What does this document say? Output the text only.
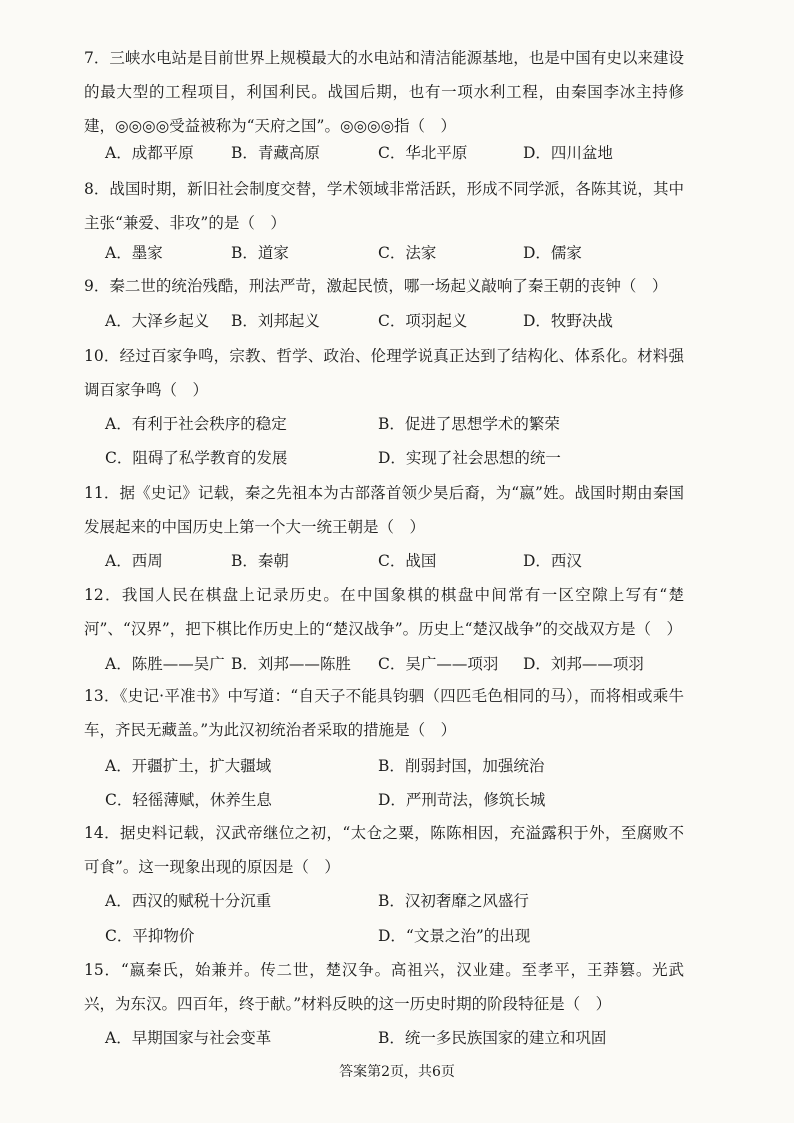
7．三峡水电站是目前世界上规模最大的水电站和清洁能源基地，也是中国有史以来建设的最大型的工程项目，利国利民。战国后期，也有一项水利工程，由秦国李冰主持修建，◎◎◎◎受益被称为“天府之国”。◎◎◎◎指（　）
A．成都平原 B．青藏高原	C．华北平原	D．四川盆地
8．战国时期，新旧社会制度交替，学术领域非常活跃，形成不同学派，各陈其说，其中主张“兼爱、非攻”的是（　）
A．墨家	B．道家	C．法家	D．儒家
9．秦二世的统治残酷，刑法严苛，激起民愤，哪一场起义敲响了秦王朝的丧钟（　）
A．大泽乡起义 B．刘邦起义	C．项羽起义	D．牧野决战
10．经过百家争鸣，宗教、哲学、政治、伦理学说真正达到了结构化、体系化。材料强调百家争鸣（　）
A．有利于社会秩序的稳定	B．促进了思想学术的繁荣
C．阻碍了私学教育的发展	D．实现了社会思想的统一
11．据《史记》记载，秦之先祖本为古部落首领少昊后裔，为“嬴”姓。战国时期由秦国发展起来的中国历史上第一个大一统王朝是（　）
A．西周	B．秦朝	C．战国	D．西汉
12．我国人民在棋盘上记录历史。在中国象棋的棋盘中间常有一区空隙上写有“楚河”、“汉界”，把下棋比作历史上的“楚汉战争”。历史上“楚汉战争”的交战双方是（　）
A．陈胜——吴广 B．刘邦——陈胜 C．吴广——项羽 D．刘邦——项羽
13．《史记·平准书》中写道：“自天子不能具钧驷（四匹毛色相同的马），而将相或乘牛车，齐民无藏盖。”为此汉初统治者采取的措施是（　）
A．开疆扩土，扩大疆域	B．削弱封国，加强统治
C．轻徭薄赋，休养生息	D．严刑苛法，修筑长城
14．据史料记载，汉武帝继位之初，“太仓之粟，陈陈相因，充溢露积于外，至腐败不可食”。这一现象出现的原因是（　）
A．西汉的赋税十分沉重	B．汉初奢靡之风盛行
C．平抑物价	D．“文景之治”的出现
15．“嬴秦氏，始兼并。传二世，楚汉争。高祖兴，汉业建。至孝平，王莽篡。光武兴，为东汉。四百年，终于献。”材料反映的这一历史时期的阶段特征是（　）
A．早期国家与社会变革	B．统一多民族国家的建立和巩固
答案第2页，共6页
